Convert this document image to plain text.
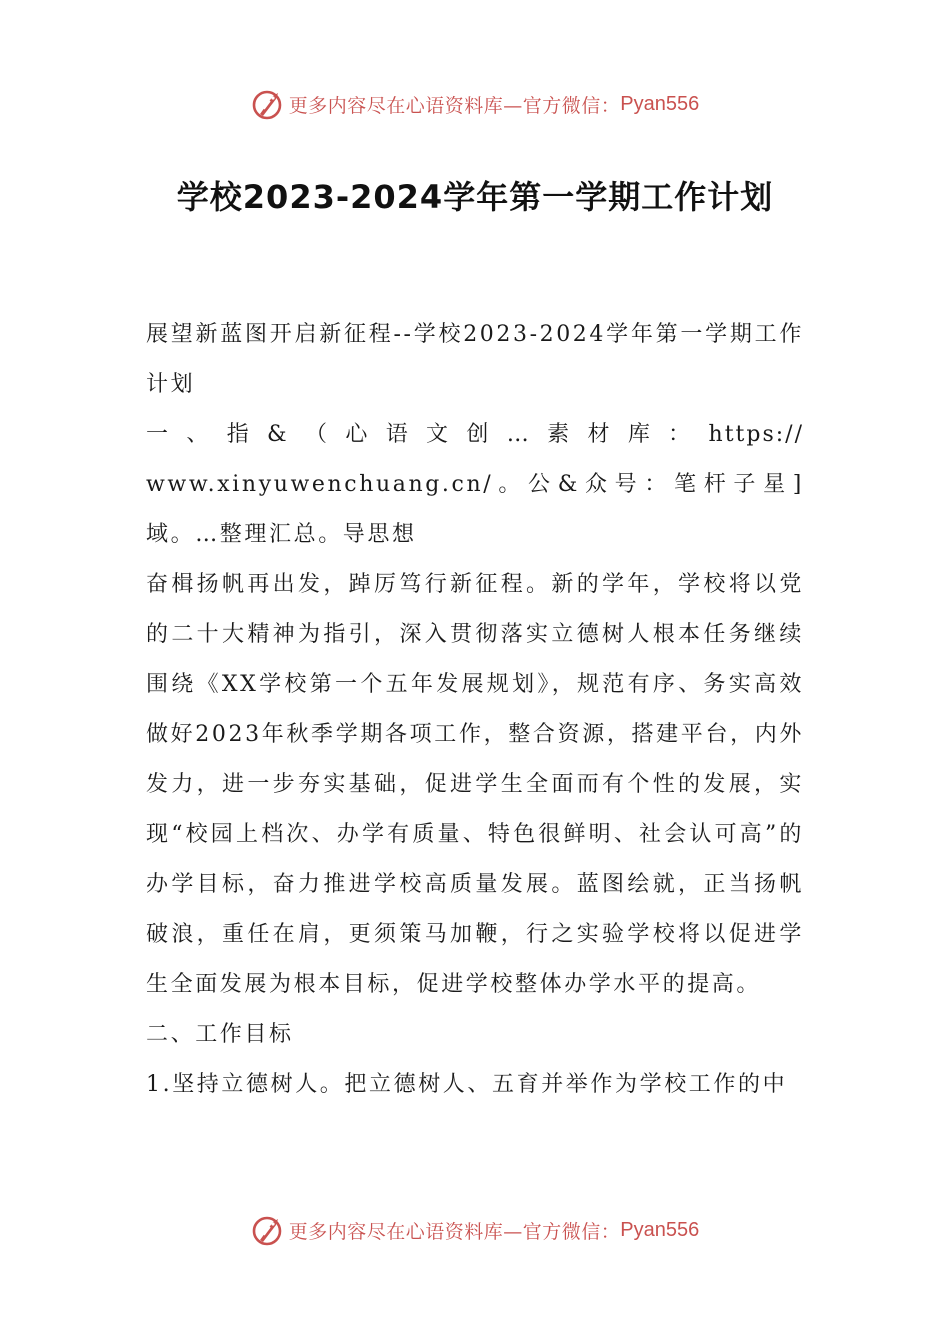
更多内容尽在心语资料库—官方微信： Pyan556
学校2023-2024学年第一学期工作计划

展望新蓝图开启新征程--学校2023-2024学年第一学期工作计划

一、指&（心语文创…素材库：https://

www.xinyuwenchuang.cn/。公&众号：笔杆子星]域。…整理汇总。导思想

奋楫扬帆再出发，踔厉笃行新征程。新的学年，学校将以党的二十大精神为指引，深入贯彻落实立德树人根本任务继续围绕《XX学校第一个五年发展规划》，规范有序、务实高效做好2023年秋季学期各项工作，整合资源，搭建平台，内外发力，进一步夯实基础，促进学生全面而有个性的发展，实现“校园上档次、办学有质量、特色很鲜明、社会认可高”的办学目标，奋力推进学校高质量发展。蓝图绘就，正当扬帆破浪，重任在肩，更须策马加鞭，行之实验学校将以促进学生全面发展为根本目标，促进学校整体办学水平的提高。

二、工作目标

1.坚持立德树人。把立德树人、五育并举作为学校工作的中

更多内容尽在心语资料库—官方微信： Pyan556
